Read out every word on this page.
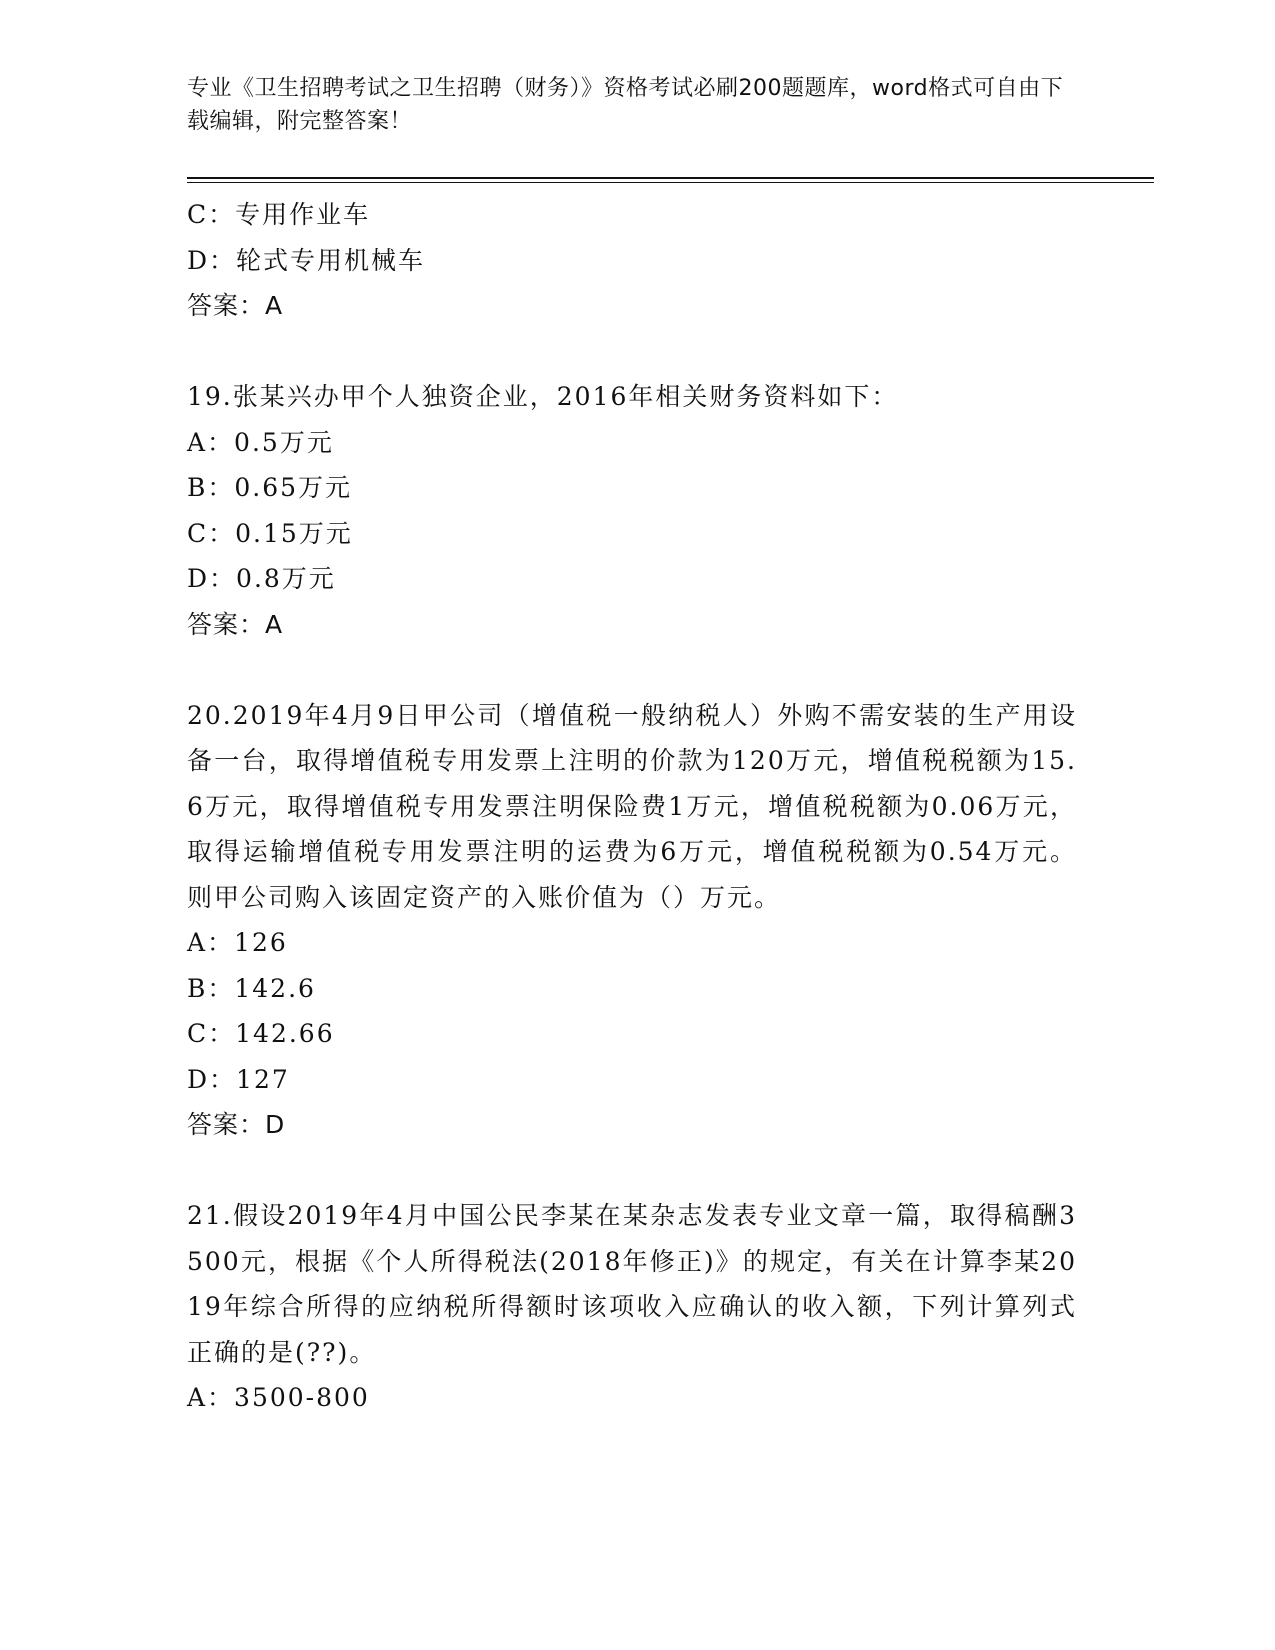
专业《卫生招聘考试之卫生招聘（财务）》资格考试必刷200题题库，word格式可自由下载编辑，附完整答案！
C：专用作业车
D：轮式专用机械车
答案：A
19.张某兴办甲个人独资企业，2016年相关财务资料如下：
A：0.5万元
B：0.65万元
C：0.15万元
D：0.8万元
答案：A
20.2019年4月9日甲公司（增值税一般纳税人）外购不需安装的生产用设备一台，取得增值税专用发票上注明的价款为120万元，增值税税额为15.6万元，取得增值税专用发票注明保险费1万元，增值税税额为0.06万元，取得运输增值税专用发票注明的运费为6万元，增值税税额为0.54万元。则甲公司购入该固定资产的入账价值为（）万元。
A：126
B：142.6
C：142.66
D：127
答案：D
21.假设2019年4月中国公民李某在某杂志发表专业文章一篇，取得稿酬3500元，根据《个人所得税法(2018年修正)》的规定，有关在计算李某2019年综合所得的应纳税所得额时该项收入应确认的收入额，下列计算列式正确的是(??)。
A：3500-800
